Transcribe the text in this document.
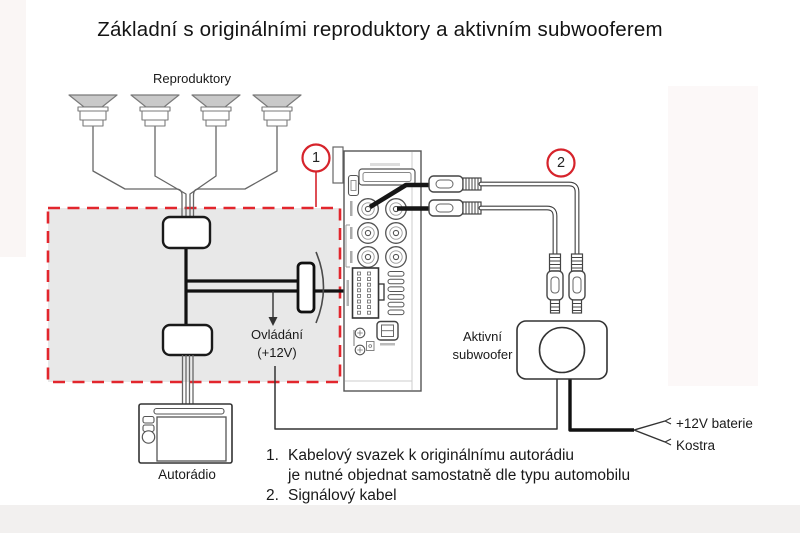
Základní s originálními reproduktory a aktivním subwooferem
Reproduktory
Ovládání
(+12V)
Aktivní
subwoofer
Autorádio
+12V baterie
Kostra
1	2
1. Kabelový svazek k originálnímu autorádiu
je nutné objednat samostatně dle typu automobilu
2. Signálový kabel
